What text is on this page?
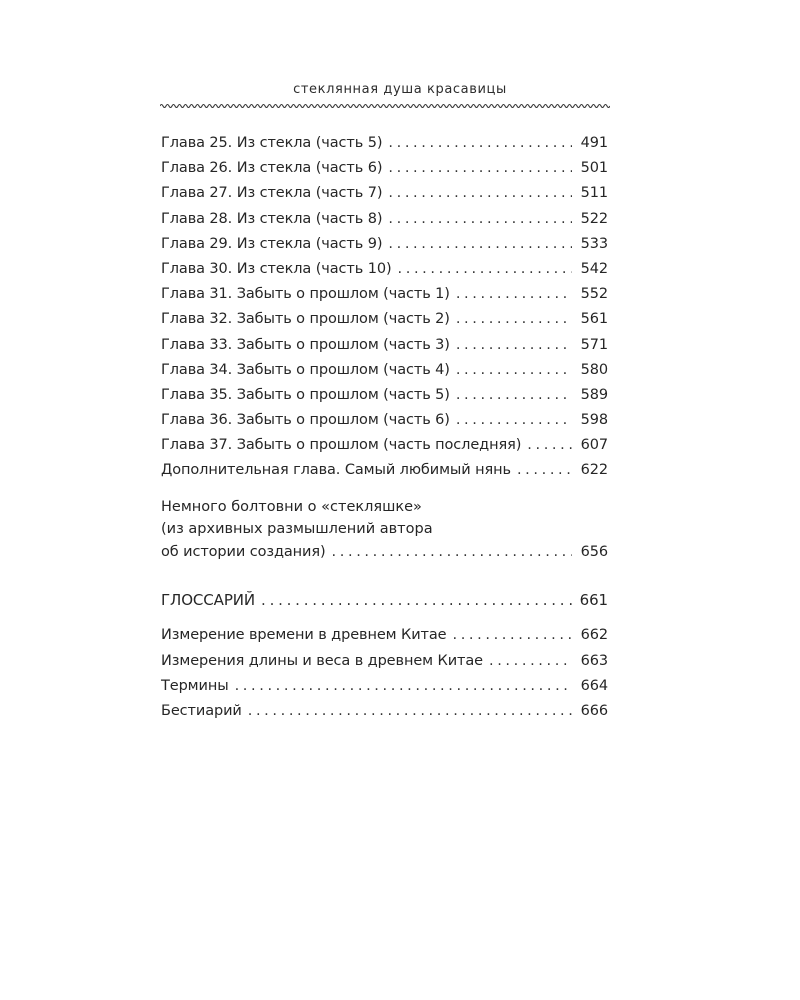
стеклянная душа красавицы
Глава 25. Из стекла (часть 5) . . .	491
Глава 26. Из стекла (часть 6) . . .	501
Глава 27. Из стекла (часть 7) . . .	511
Глава 28. Из стекла (часть 8) . . .	522
Глава 29. Из стекла (часть 9) . . .	533
Глава 30. Из стекла (часть 10) . . .	542
Глава 31. Забыть о прошлом (часть 1) . . .	552
Глава 32. Забыть о прошлом (часть 2) . . .	561
Глава 33. Забыть о прошлом (часть 3) . . .	571
Глава 34. Забыть о прошлом (часть 4) . . .	580
Глава 35. Забыть о прошлом (часть 5) . . .	589
Глава 36. Забыть о прошлом (часть 6) . . .	598
Глава 37. Забыть о прошлом (часть последняя) . . .	607
Дополнительная глава. Самый любимый нянь . . .	622
Немного болтовни о «стекляшке»
(из архивных размышлений автора
об истории создания) . . .	656
ГЛОССАРИЙ . . .	661
Измерение времени в древнем Китае . . .	662
Измерения длины и веса в древнем Китае . . .	663
Термины . . .	664
Бестиарий . . .	666
